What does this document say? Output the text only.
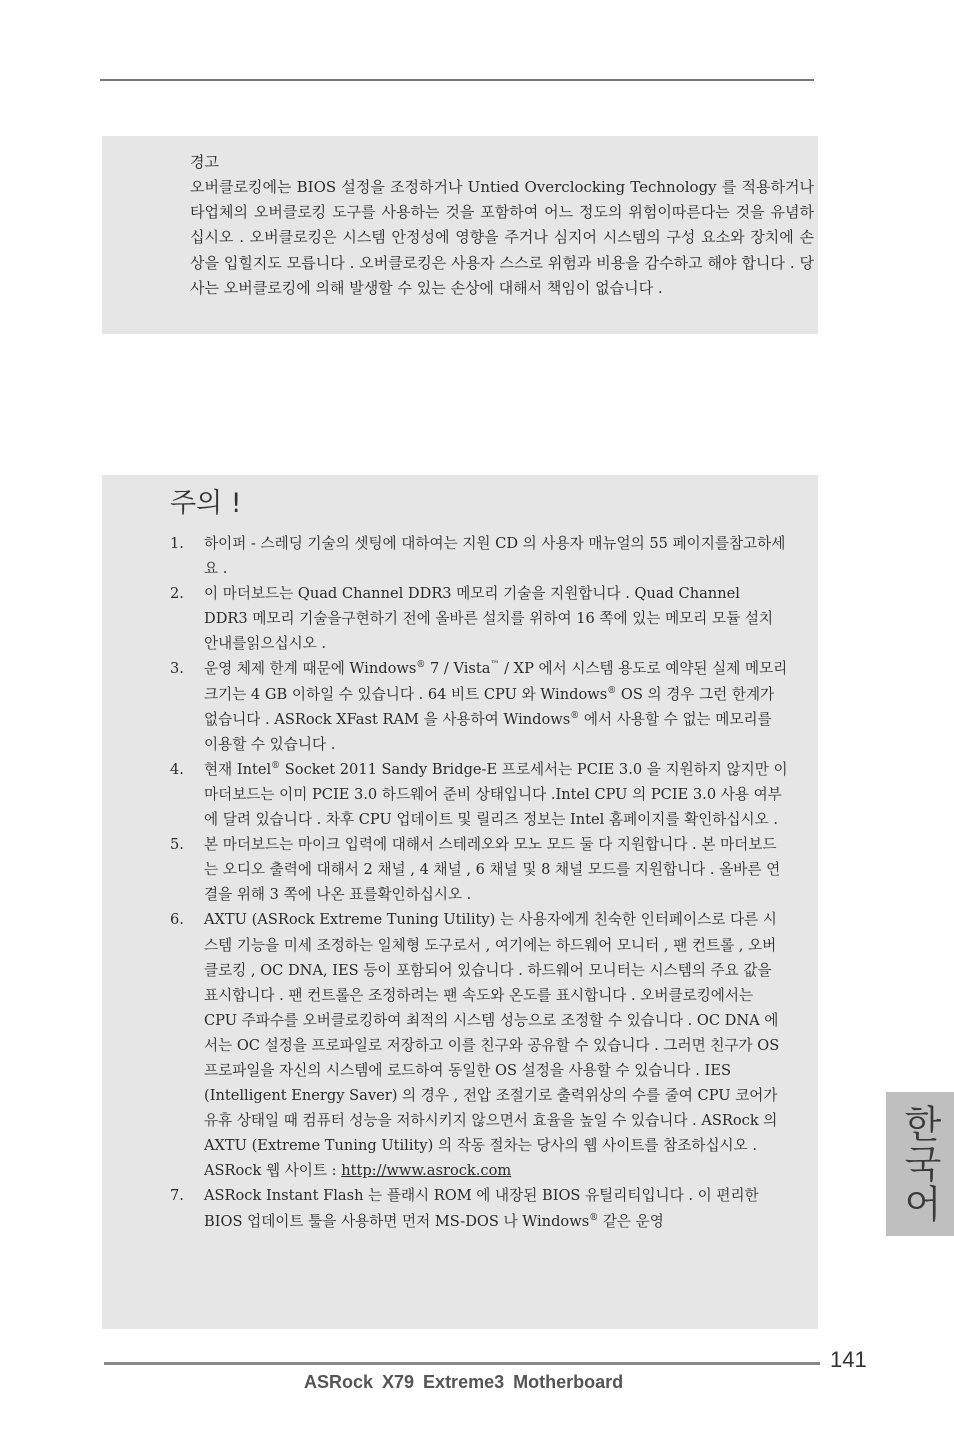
경고

오버클로킹에는 BIOS 설정을 조정하거나 Untied Overclocking Technology 를 적용하거나타업체의 오버클로킹 도구를 사용하는 것을 포함하여 어느 정도의 위험이따른다는 것을 유념하십시오 . 오버클로킹은 시스템 안정성에 영향을 주거나 심지어 시스템의 구성 요소와 장치에 손상을 입힐지도 모릅니다 . 오버클로킹은 사용자 스스로 위험과 비용을 감수하고 해야 합니다 . 당사는 오버클로킹에 의해 발생할 수 있는 손상에 대해서 책임이 없습니다 .

주의 !
1. 하이퍼 - 스레딩 기술의 셋팅에 대하여는 지원 CD 의 사용자 매뉴얼의 55 페이지를참고하세요 .
2. 이 마더보드는 Quad Channel DDR3 메모리 기술을 지원합니다 . Quad Channel DDR3 메모리 기술을구현하기 전에 올바른 설치를 위하여 16 쪽에 있는 메모리 모듈 설치 안내를읽으십시오 .
3. 운영 체제 한계 때문에 Windows® 7 / Vista™ / XP 에서 시스템 용도로 예약된 실제 메모리 크기는 4 GB 이하일 수 있습니다 . 64 비트 CPU 와 Windows® OS 의 경우 그런 한계가 없습니다 . ASRock XFast RAM 을 사용하여 Windows® 에서 사용할 수 없는 메모리를 이용할 수 있습니다 .
4. 현재 Intel® Socket 2011 Sandy Bridge-E 프로세서는 PCIE 3.0 을 지원하지 않지만 이 마더보드는 이미 PCIE 3.0 하드웨어 준비 상태입니다 .Intel CPU 의 PCIE 3.0 사용 여부에 달려 있습니다 . 차후 CPU 업데이트 및 릴리즈 정보는 Intel 홈페이지를 확인하십시오 .
5. 본 마더보드는 마이크 입력에 대해서 스테레오와 모노 모드 둘 다 지원합니다 . 본 마더보드는 오디오 출력에 대해서 2 채널 , 4 채널 , 6 채널 및 8 채널 모드를 지원합니다 . 올바른 연결을 위해 3 쪽에 나온 표를확인하십시오 .
6. AXTU (ASRock Extreme Tuning Utility) 는 사용자에게 친숙한 인터페이스로 다른 시스템 기능을 미세 조정하는 일체형 도구로서 , 여기에는 하드웨어 모니터 , 팬 컨트롤 , 오버클로킹 , OC DNA, IES 등이 포함되어 있습니다 . 하드웨어 모니터는 시스템의 주요 값을 표시합니다 . 팬 컨트롤은 조정하려는 팬 속도와 온도를 표시합니다 . 오버클로킹에서는 CPU 주파수를 오버클로킹하여 최적의 시스템 성능으로 조정할 수 있습니다 . OC DNA 에서는 OC 설정을 프로파일로 저장하고 이를 친구와 공유할 수 있습니다 . 그러면 친구가 OS 프로파일을 자신의 시스템에 로드하여 동일한 OS 설정을 사용할 수 있습니다 . IES (Intelligent Energy Saver) 의 경우 , 전압 조절기로 출력위상의 수를 줄여 CPU 코어가 유휴 상태일 때 컴퓨터 성능을 저하시키지 않으면서 효율을 높일 수 있습니다 . ASRock 의 AXTU (Extreme Tuning Utility) 의 작동 절차는 당사의 웹 사이트를 참조하십시오 .
ASRock 웹 사이트 : http://www.asrock.com
7. ASRock Instant Flash 는 플래시 ROM 에 내장된 BIOS 유틸리티입니다 . 이 편리한 BIOS 업데이트 툴을 사용하면 먼저 MS-DOS 나 Windows® 같은 운영	한국어
141
ASRock X79 Extreme3 Motherboard
